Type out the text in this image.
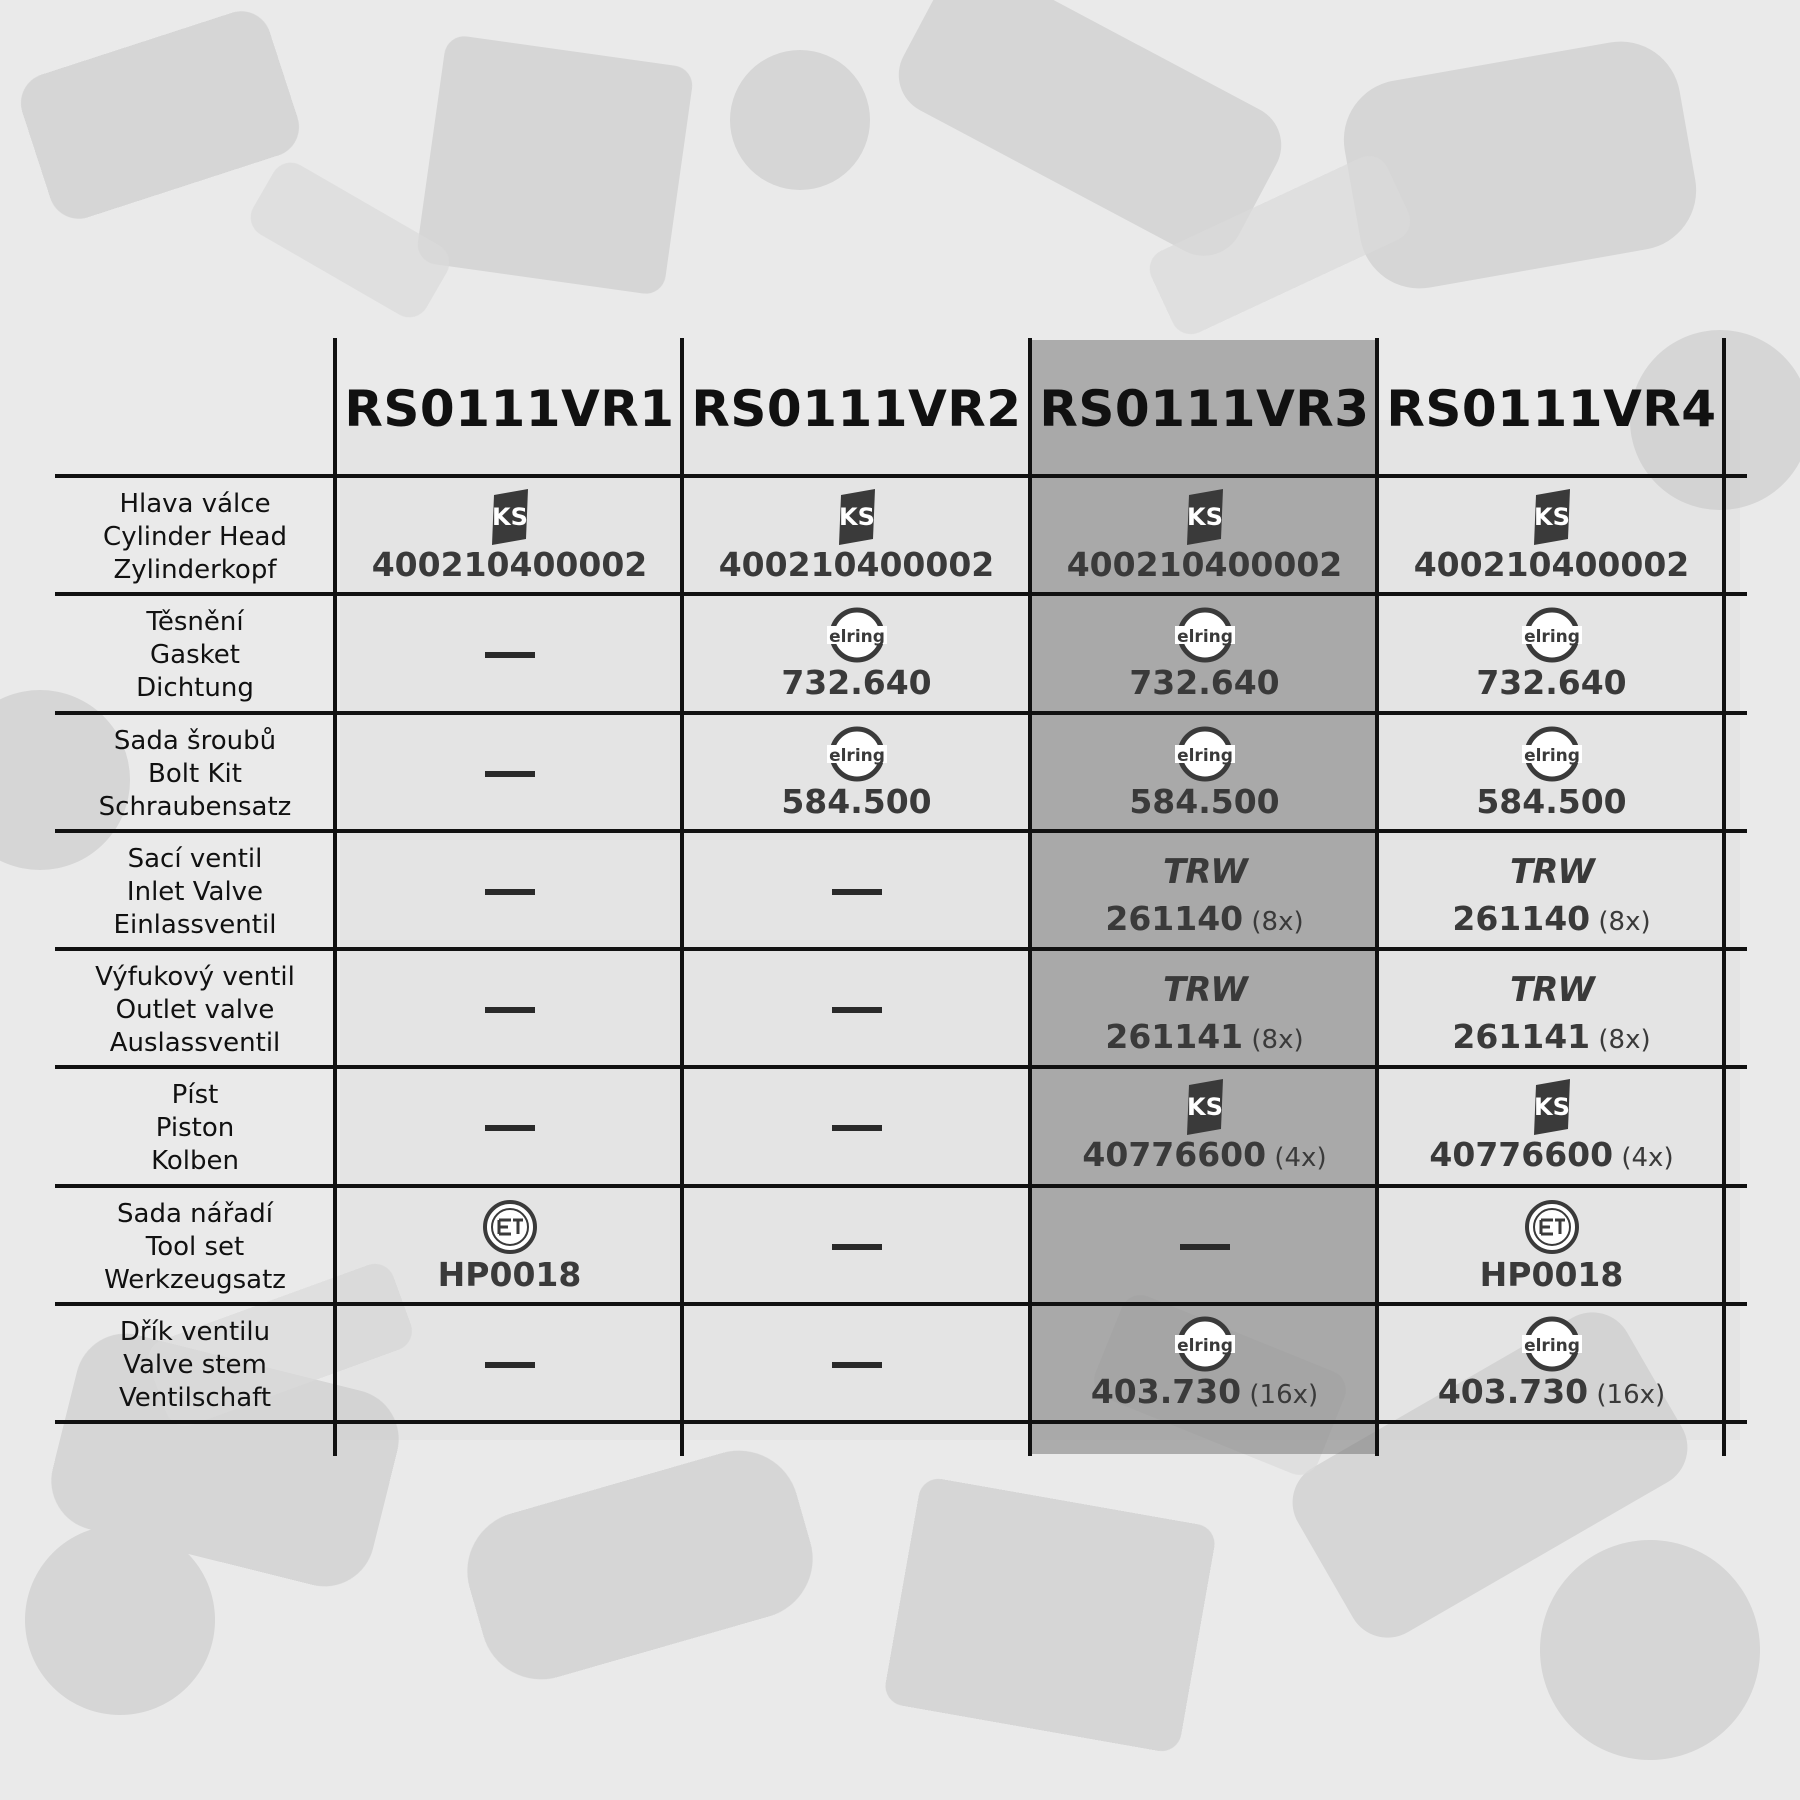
RS0111VR1 RS0111VR2 RS0111VR3 RS0111VR4
Hlava válce
Cylinder Head
Zylinderkopf
KS
400210400002
KS
400210400002
KS
400210400002
KS
400210400002
Těsnění
Gasket
Dichtung
elring
732.640
elring
732.640
elring
732.640
Sada šroubů
Bolt Kit
Schraubensatz
elring
584.500
elring
584.500
elring
584.500
Sací ventil
Inlet Valve
Einlassventil
TRW
261140 (8x)
TRW
261140 (8x)
Výfukový ventil
Outlet valve
Auslassventil
TRW
261141 (8x)
TRW
261141 (8x)
Píst
Piston
Kolben
KS
40776600 (4x)
KS
40776600 (4x)
Sada nářadí
Tool set
Werkzeugsatz	HP0018	HP0018
Dřík ventilu
Valve stem
Ventilschaft
elring
403.730 (16x)
elring
403.730 (16x)
